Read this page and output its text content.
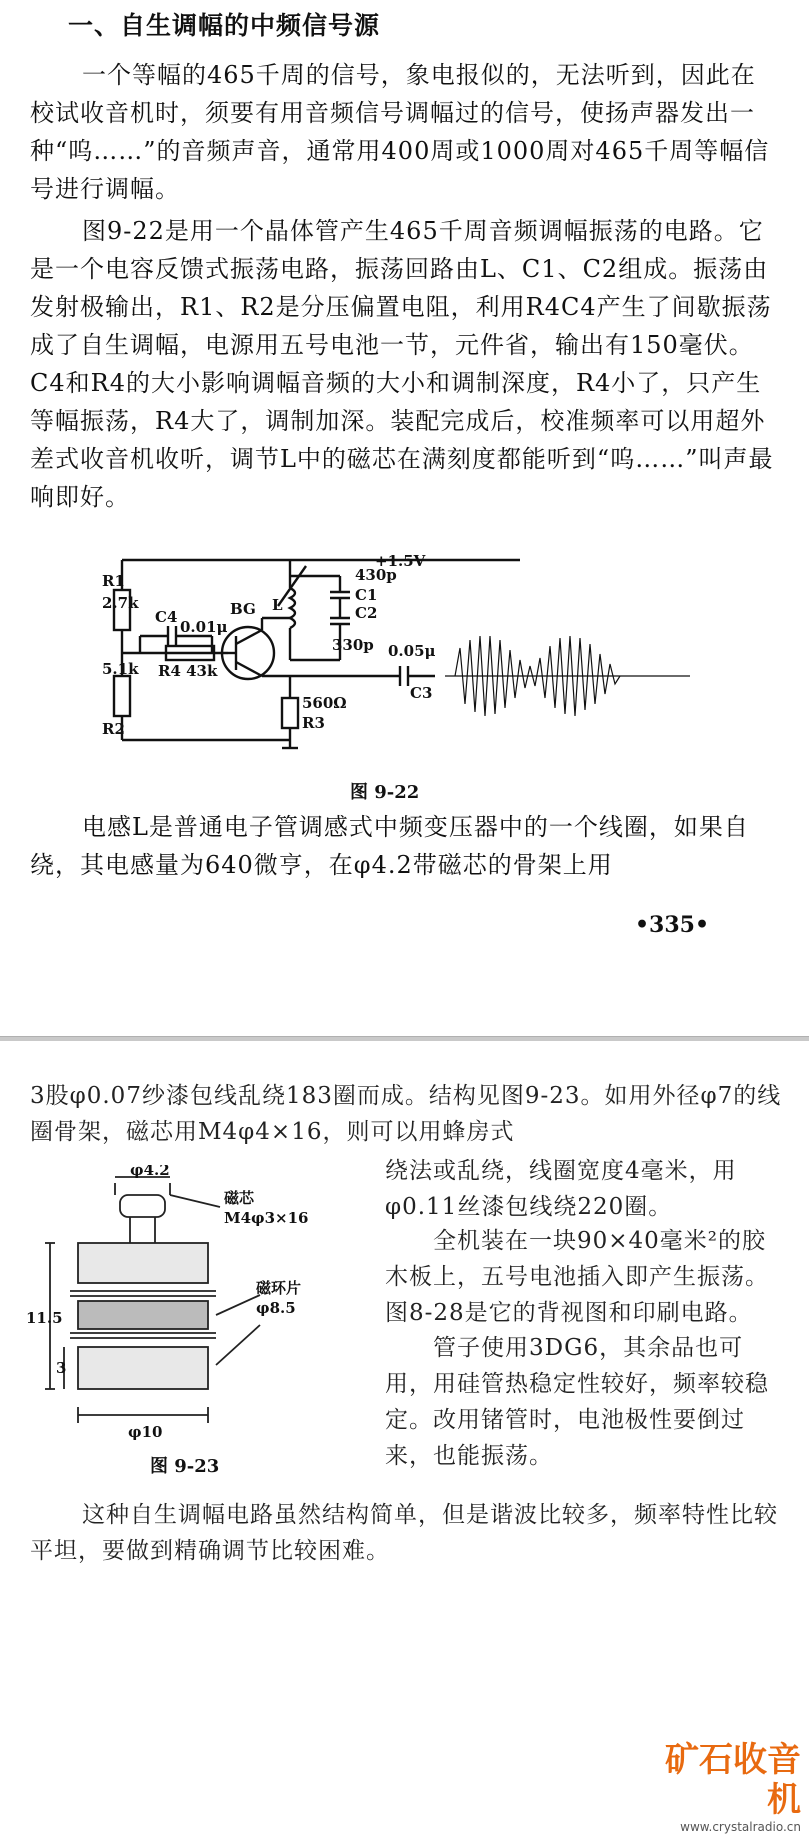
一、自生调幅的中频信号源
一个等幅的465千周的信号，象电报似的，无法听到，因此在校试收音机时，须要有用音频信号调幅过的信号，使扬声器发出一种“呜……”的音频声音，通常用400周或1000周对465千周等幅信号进行调幅。
图9-22是用一个晶体管产生465千周音频调幅振荡的电路。它是一个电容反馈式振荡电路，振荡回路由L、C1、C2组成。振荡由发射极输出，R1、R2是分压偏置电阻，利用R4C4产生了间歇振荡成了自生调幅，电源用五号电池一节，元件省，输出有150毫伏。C4和R4的大小影响调幅音频的大小和调制深度，R4小了，只产生等幅振荡，R4大了，调制加深。装配完成后，校准频率可以用超外差式收音机收听，调节L中的磁芯在满刻度都能听到“呜……”叫声最响即好。
+1.5V
R1
2.7k
C4
0.01μ
R4 43k
5.1k
R2
BG L
430p
C1
C2
330p 0.05μ
C3
560Ω
R3
图 9-22
电感L是普通电子管调感式中频变压器中的一个线圈，如果自绕，其电感量为640微亨，在φ4.2带磁芯的骨架上用
•335•
3股φ0.07纱漆包线乱绕183圈而成。结构见图9-23。如用外径φ7的线圈骨架，磁芯用M4φ4×16，则可以用蜂房式
φ4.2
磁芯
M4φ3×16
磁环片
φ8.5
11.5
3
φ10
绕法或乱绕，线圈宽度4毫米，用φ0.11丝漆包线绕220圈。
全机装在一块90×40毫米²的胶木板上，五号电池插入即产生振荡。图8-28是它的背视图和印刷电路。
管子使用3DG6，其余品也可用，用硅管热稳定性较好，频率较稳定。改用锗管时，电池极性要倒过来，也能振荡。
图 9-23
这种自生调幅电路虽然结构简单，但是谐波比较多，频率特性比较平坦，要做到精确调节比较困难。
矿石收音机
www.crystalradio.cn
